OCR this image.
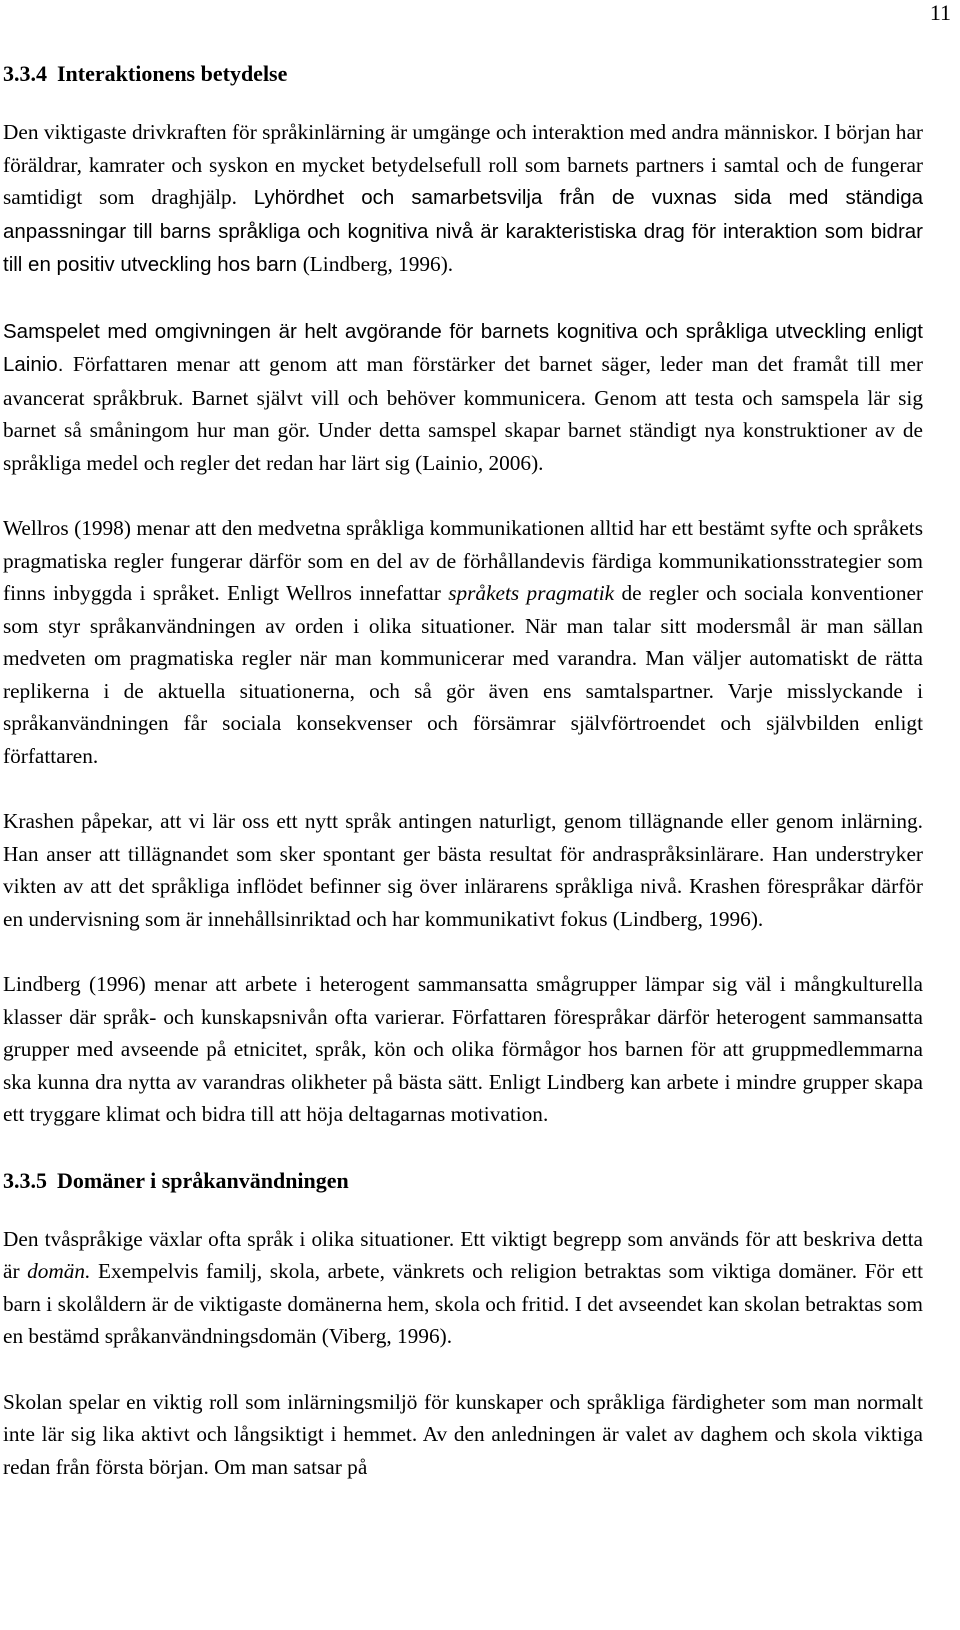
11
3.3.4 Interaktionens betydelse

Den viktigaste drivkraften för språkinlärning är umgänge och interaktion med andra människor. I början har föräldrar, kamrater och syskon en mycket betydelsefull roll som barnets partners i samtal och de fungerar samtidigt som draghjälp. Lyhördhet och samarbetsvilja från de vuxnas sida med ständiga anpassningar till barns språkliga och kognitiva nivå är karakteristiska drag för interaktion som bidrar till en positiv utveckling hos barn (Lindberg, 1996).

Samspelet med omgivningen är helt avgörande för barnets kognitiva och språkliga utveckling enligt Lainio. Författaren menar att genom att man förstärker det barnet säger, leder man det framåt till mer avancerat språkbruk. Barnet självt vill och behöver kommunicera. Genom att testa och samspela lär sig barnet så småningom hur man gör. Under detta samspel skapar barnet ständigt nya konstruktioner av de språkliga medel och regler det redan har lärt sig (Lainio, 2006).

Wellros (1998) menar att den medvetna språkliga kommunikationen alltid har ett bestämt syfte och språkets pragmatiska regler fungerar därför som en del av de förhållandevis färdiga kommunikationsstrategier som finns inbyggda i språket. Enligt Wellros innefattar språkets pragmatik de regler och sociala konventioner som styr språkanvändningen av orden i olika situationer. När man talar sitt modersmål är man sällan medveten om pragmatiska regler när man kommunicerar med varandra. Man väljer automatiskt de rätta replikerna i de aktuella situationerna, och så gör även ens samtalspartner. Varje misslyckande i språkanvändningen får sociala konsekvenser och försämrar självförtroendet och självbilden enligt författaren.

Krashen påpekar, att vi lär oss ett nytt språk antingen naturligt, genom tillägnande eller genom inlärning. Han anser att tillägnandet som sker spontant ger bästa resultat för andraspråksinlärare. Han understryker vikten av att det språkliga inflödet befinner sig över inlärarens språkliga nivå. Krashen förespråkar därför en undervisning som är innehållsinriktad och har kommunikativt fokus (Lindberg, 1996).

Lindberg (1996) menar att arbete i heterogent sammansatta smågrupper lämpar sig väl i mångkulturella klasser där språk- och kunskapsnivån ofta varierar. Författaren förespråkar därför heterogent sammansatta grupper med avseende på etnicitet, språk, kön och olika förmågor hos barnen för att gruppmedlemmarna ska kunna dra nytta av varandras olikheter på bästa sätt. Enligt Lindberg kan arbete i mindre grupper skapa ett tryggare klimat och bidra till att höja deltagarnas motivation.

3.3.5 Domäner i språkanvändningen

Den tvåspråkige växlar ofta språk i olika situationer. Ett viktigt begrepp som används för att beskriva detta är domän. Exempelvis familj, skola, arbete, vänkrets och religion betraktas som viktiga domäner. För ett barn i skolåldern är de viktigaste domänerna hem, skola och fritid. I det avseendet kan skolan betraktas som en bestämd språkanvändningsdomän (Viberg, 1996).

Skolan spelar en viktig roll som inlärningsmiljö för kunskaper och språkliga färdigheter som man normalt inte lär sig lika aktivt och långsiktigt i hemmet. Av den anledningen är valet av daghem och skola viktiga redan från första början. Om man satsar på
